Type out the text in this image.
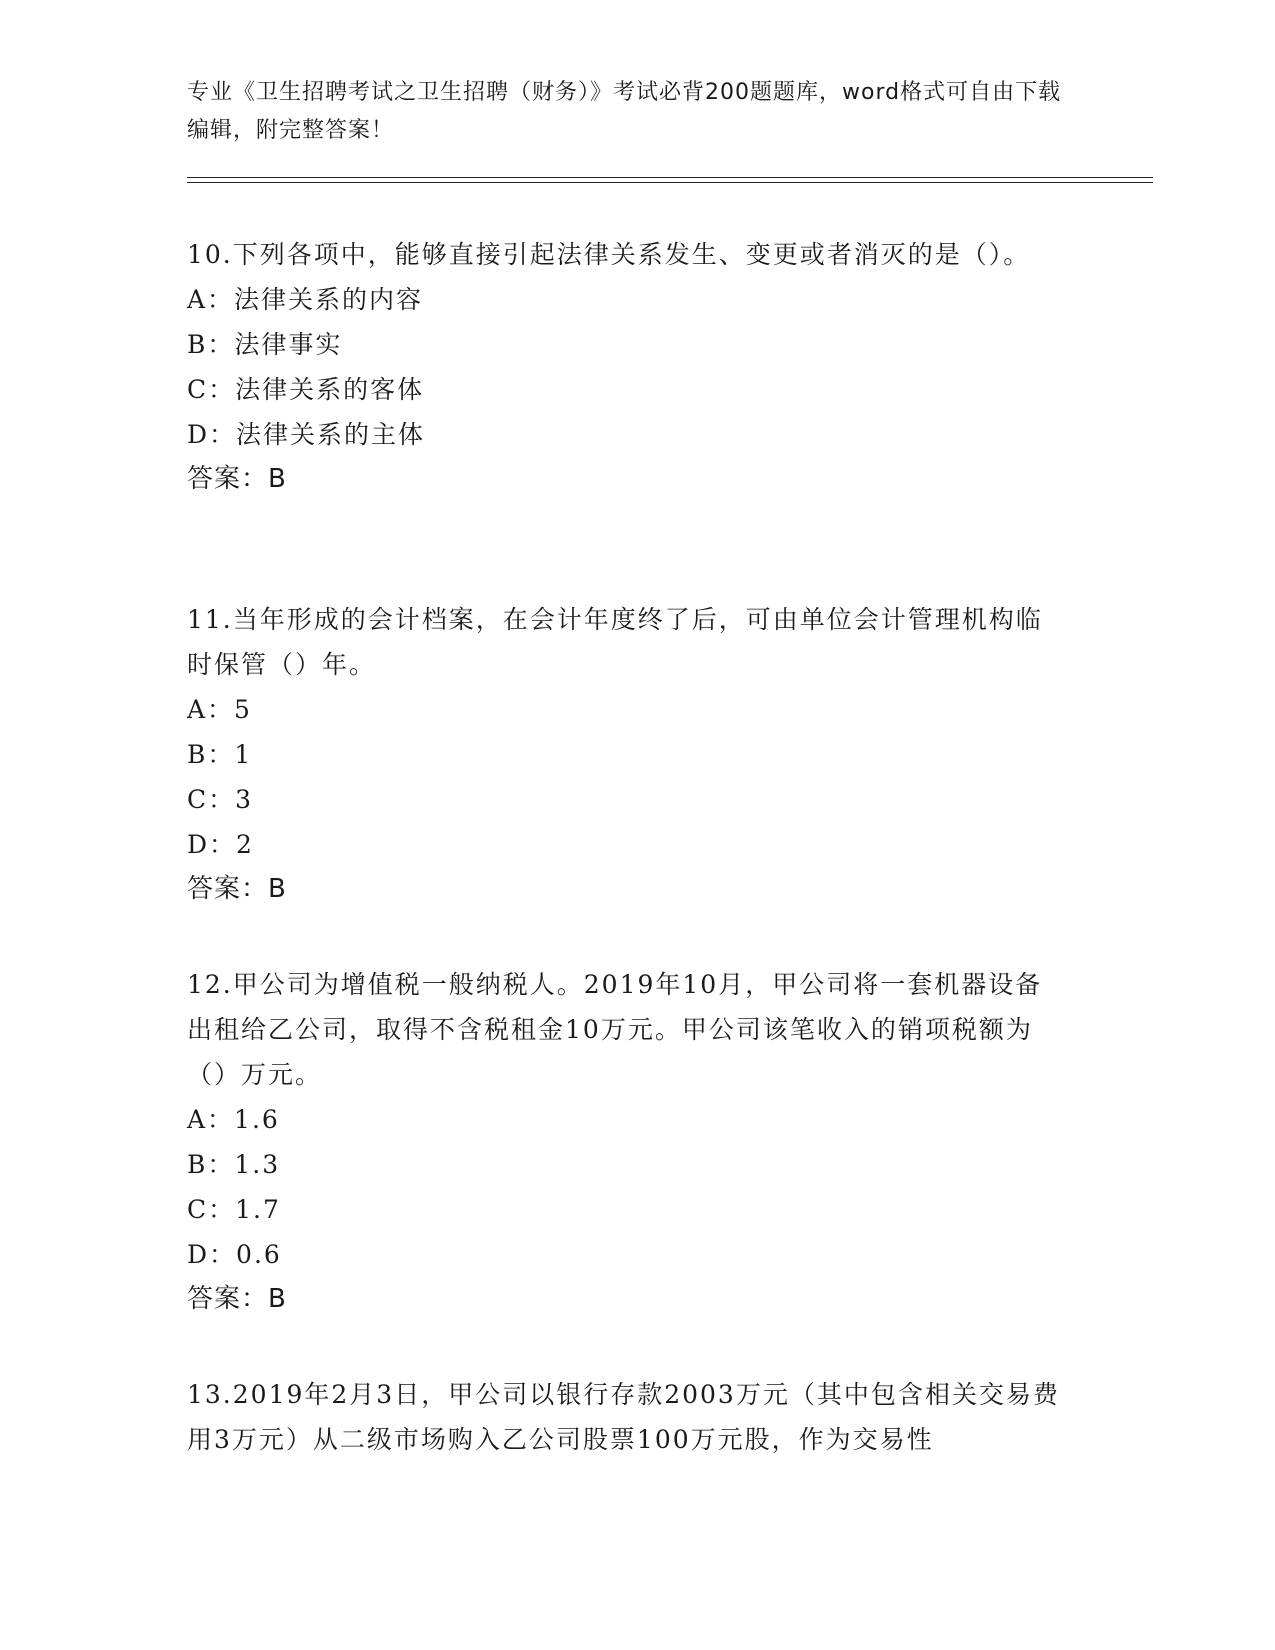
专业《卫生招聘考试之卫生招聘（财务）》考试必背200题题库，word格式可自由下载编辑，附完整答案！

10.下列各项中，能够直接引起法律关系发生、变更或者消灭的是（）。

A：法律关系的内容

B：法律事实

C：法律关系的客体

D：法律关系的主体

答案：B

11.当年形成的会计档案，在会计年度终了后，可由单位会计管理机构临时保管（）年。

A：5

B：1

C：3

D：2

答案：B

12.甲公司为增值税一般纳税人。2019年10月，甲公司将一套机器设备出租给乙公司，取得不含税租金10万元。甲公司该笔收入的销项税额为（）万元。

A：1.6

B：1.3

C：1.7

D：0.6

答案：B

13.2019年2月3日，甲公司以银行存款2003万元（其中包含相关交易费用3万元）从二级市场购入乙公司股票100万元股，作为交易性
